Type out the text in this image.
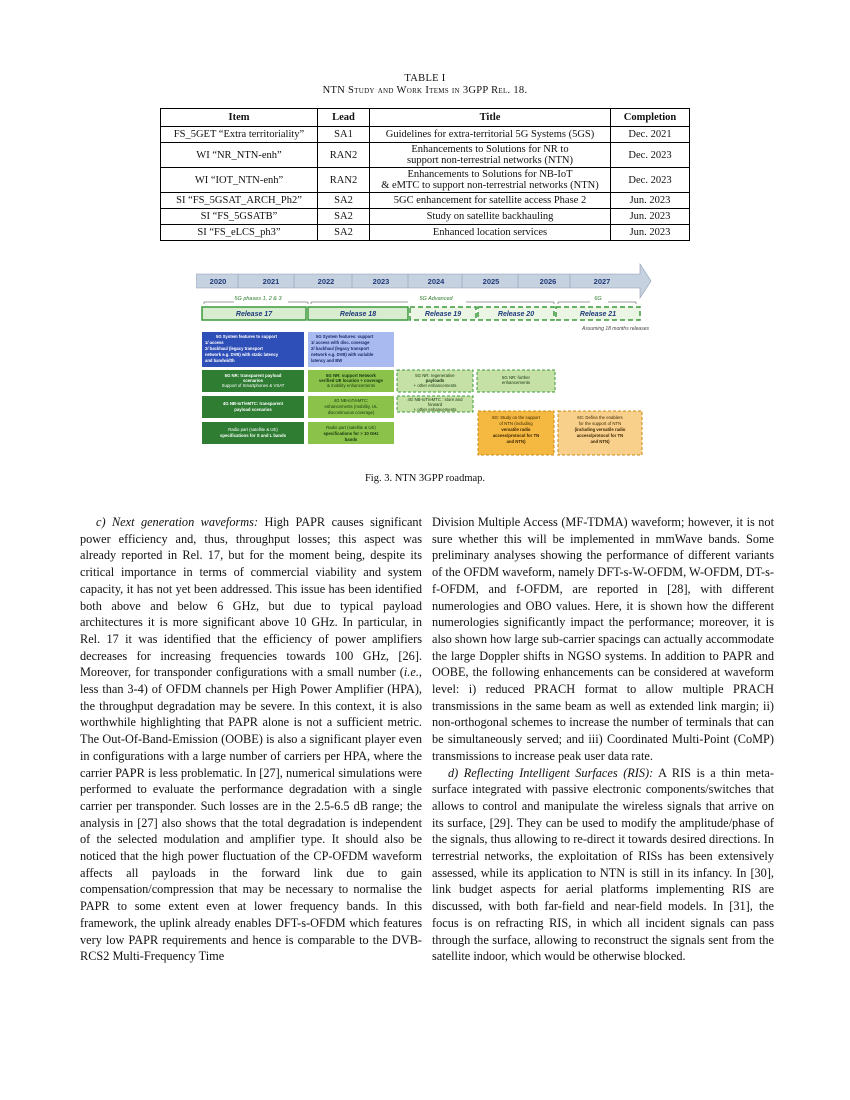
TABLE I
NTN Study and Work Items in 3GPP Rel. 18.
Item	Lead	Title	Completion
FS_5GET “Extra territoriality”	SA1	Guidelines for extra-territorial 5G Systems (5GS)	Dec. 2021
WI “NR_NTN-enh”	RAN2	Enhancements to Solutions for NR to
support non-terrestrial networks (NTN)	Dec. 2023
WI “IOT_NTN-enh”	RAN2	Enhancements to Solutions for NB-IoT
& eMTC to support non-terrestrial networks (NTN)	Dec. 2023
SI “FS_5GSAT_ARCH_Ph2”	SA2	5GC enhancement for satellite access Phase 2	Jun. 2023
SI “FS_5GSATB”	SA2	Study on satellite backhauling	Jun. 2023
SI “FS_eLCS_ph3”	SA2	Enhanced location services	Jun. 2023
2020	2021	2022	2023	2024	2025	2026	2027
5G phases 1, 2 & 3	5G Advanced	6G
Release 17	Release 18	Release 19	Release 20	Release 21
Assuming 18 months releases
5G System features to support
1/ access
2/ backhaul (legacy transport
network e.g. DVB) with static latency
and bandwidth
5G System features: support
1/ access with disc. coverage
2/ backhaul (legacy transport
network e.g. DVB) with variable
latency and BW
5G NR: transparent payload
scenarios
Support of Smartphones & VSAT
5G NR: support Network
verified UE location + coverage
& mobility enhancements
5G NR: regenerative
payloads
+ other enhancements
5G NR: further
enhancements
4G NB-IoT/eMTC: transparent
payload scenarios
4G NB-IoT/eMTC:
enhancements (mobility, UL
discontinuous coverage)
4G NB-IoT/eMTC : store and
forward
+ other enhancements
Radio part (satellite & UE)
specifications for S and L bands
Radio part (satellite & UE)
specifications for > 10 GHz
bands
6G: Study on the support
of NTN (including
versatile radio
access/protocol for TN
and NTN)
6G: Define the enablers
for the support of NTN
(including versatile radio
access/protocol for TN
and NTN)
Fig. 3. NTN 3GPP roadmap.

c) Next generation waveforms: High PAPR causes significant power efficiency and, thus, throughput losses; this aspect was already reported in Rel. 17, but for the moment being, despite its critical importance in terms of commercial viability and system capacity, it has not yet been addressed. This issue has been identified both above and below 6 GHz, but due to typical payload architectures it is more significant above 10 GHz. In particular, in Rel. 17 it was identified that the efficiency of power amplifiers decreases for increasing frequencies towards 100 GHz, [26]. Moreover, for transponder configurations with a small number (i.e., less than 3-4) of OFDM channels per High Power Amplifier (HPA), the throughput degradation may be severe. In this context, it is also worthwhile highlighting that PAPR alone is not a sufficient metric. The Out-Of-Band-Emission (OOBE) is also a significant player even in configurations with a large number of carriers per HPA, where the carrier PAPR is less problematic. In [27], numerical simulations were performed to evaluate the performance degradation with a single carrier per transponder. Such losses are in the 2.5-6.5 dB range; the analysis in [27] also shows that the total degradation is independent of the selected modulation and amplifier type. It should also be noticed that the high power fluctuation of the CP-OFDM waveform affects all payloads in the forward link due to gain compensation/compression that may be necessary to normalise the PAPR to some extent even at lower frequency bands. In this framework, the uplink already enables DFT-s-OFDM which features very low PAPR requirements and hence is comparable to the DVB-RCS2 Multi-Frequency Time

Division Multiple Access (MF-TDMA) waveform; however, it is not sure whether this will be implemented in mmWave bands. Some preliminary analyses showing the performance of different variants of the OFDM waveform, namely DFT-s-W-OFDM, W-OFDM, DT-s-f-OFDM, and f-OFDM, are reported in [28], with different numerologies and OBO values. Here, it is shown how the different numerologies significantly impact the performance; moreover, it is also shown how large sub-carrier spacings can actually accommodate the large Doppler shifts in NGSO systems. In addition to PAPR and OOBE, the following enhancements can be considered at waveform level: i) reduced PRACH format to allow multiple PRACH transmissions in the same beam as well as extended link margin; ii) non-orthogonal schemes to increase the number of terminals that can be simultaneously served; and iii) Coordinated Multi-Point (CoMP) transmissions to increase peak user data rate.

d) Reflecting Intelligent Surfaces (RIS): A RIS is a thin meta-surface integrated with passive electronic components/switches that allows to control and manipulate the wireless signals that arrive on its surface, [29]. They can be used to modify the amplitude/phase of the signals, thus allowing to re-direct it towards desired directions. In terrestrial networks, the exploitation of RISs has been extensively assessed, while its application to NTN is still in its infancy. In [30], link budget aspects for aerial platforms implementing RIS are discussed, with both far-field and near-field models. In [31], the focus is on refracting RIS, in which all incident signals can pass through the surface, allowing to reconstruct the signals sent from the satellite indoor, which would be otherwise blocked.
